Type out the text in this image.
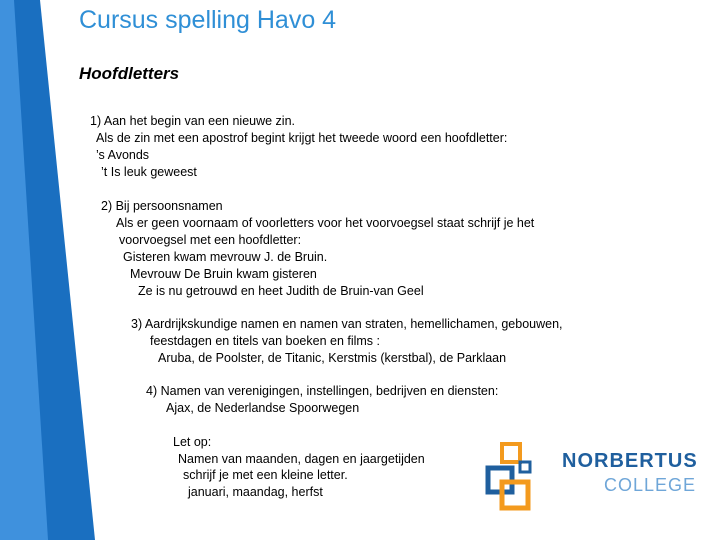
Cursus spelling Havo 4
Hoofdletters
1) Aan het begin van een nieuwe zin.
Als de zin met een apostrof begint krijgt het tweede woord een hoofdletter:
’s Avonds
’t Is leuk geweest
2) Bij persoonsnamen
Als er geen voornaam of voorletters voor het voorvoegsel staat schrijf je het
voorvoegsel met een hoofdletter:
Gisteren kwam mevrouw J. de Bruin.
Mevrouw De Bruin kwam gisteren
Ze is nu getrouwd en heet Judith de Bruin-van Geel
3) Aardrijkskundige namen en namen van straten, hemellichamen, gebouwen,
feestdagen en titels van boeken en films :
Aruba, de Poolster, de Titanic, Kerstmis (kerstbal), de Parklaan
4) Namen van verenigingen, instellingen, bedrijven en diensten:
Ajax, de Nederlandse Spoorwegen
Let op:
Namen van maanden, dagen en jaargetijden
schrijf je met een kleine letter.
januari, maandag, herfst
NORBERTUS
COLLEGE
